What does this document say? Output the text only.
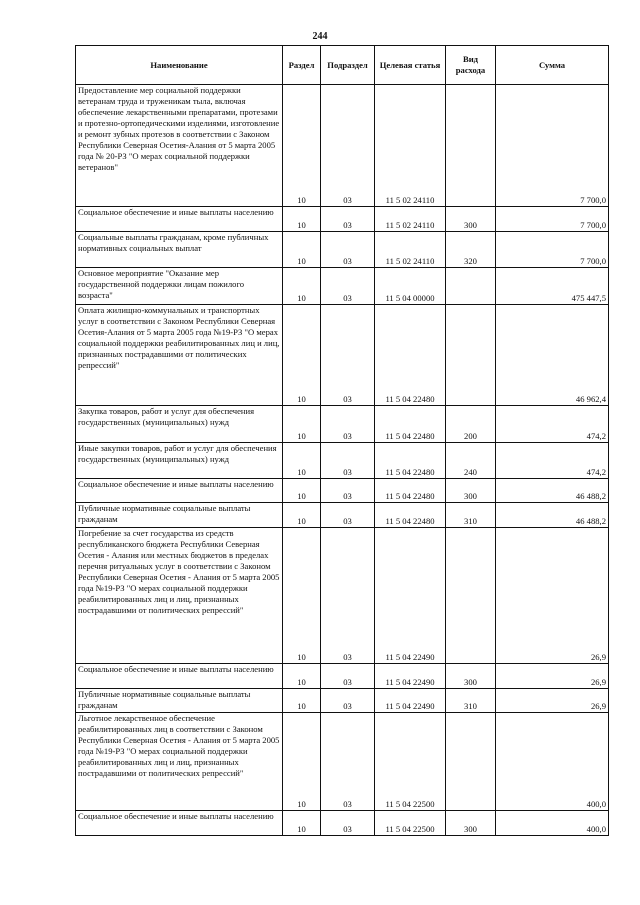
244
Наименование	Раздел	Подраздел	Целевая статья	Вид расхода	Сумма
Предоставление мер социальной поддержки ветеранам труда и труженикам тыла, включая обеспечение лекарственными препаратами, протезами и протезно-ортопедическими изделиями, изготовление и ремонт зубных протезов в соответствии с Законом Республики Северная Осетия-Алания от 5 марта 2005 года № 20-РЗ "О мерах социальной поддержки ветеранов"	10	03	11 5 02 24110		7 700,0
Социальное обеспечение и иные выплаты населению	10	03	11 5 02 24110	300	7 700,0
Социальные выплаты гражданам, кроме публичных нормативных социальных выплат	10	03	11 5 02 24110	320	7 700,0
Основное мероприятие "Оказание мер государственной поддержки лицам пожилого возраста"	10	03	11 5 04 00000		475 447,5
Оплата жилищно-коммунальных и транспортных услуг в соответствии с Законом Республики Северная Осетия-Алания от 5 марта 2005 года №19-РЗ "О мерах социальной поддержки реабилитированных лиц и лиц, признанных пострадавшими от политических репрессий"	10	03	11 5 04 22480		46 962,4
Закупка товаров, работ и услуг для обеспечения государственных (муниципальных) нужд	10	03	11 5 04 22480	200	474,2
Иные закупки товаров, работ и услуг для обеспечения государственных (муниципальных) нужд	10	03	11 5 04 22480	240	474,2
Социальное обеспечение и иные выплаты населению	10	03	11 5 04 22480	300	46 488,2
Публичные нормативные социальные выплаты гражданам	10	03	11 5 04 22480	310	46 488,2
Погребение за счет государства из средств республиканского бюджета Республики Северная Осетия - Алания или местных бюджетов в пределах перечня ритуальных услуг в соответствии с Законом Республики Северная Осетия - Алания от 5 марта 2005 года №19-РЗ "О мерах социальной поддержки реабилитированных лиц и лиц, признанных пострадавшими от политических репрессий"	10	03	11 5 04 22490		26,9
Социальное обеспечение и иные выплаты населению	10	03	11 5 04 22490	300	26,9
Публичные нормативные социальные выплаты гражданам	10	03	11 5 04 22490	310	26,9
Льготное лекарственное обеспечение реабилитированных лиц в соответствии с Законом Республики Северная Осетия - Алания от 5 марта 2005 года №19-РЗ "О мерах социальной поддержки реабилитированных лиц и лиц, признанных пострадавшими от политических репрессий"	10	03	11 5 04 22500		400,0
Социальное обеспечение и иные выплаты населению	10	03	11 5 04 22500	300	400,0
